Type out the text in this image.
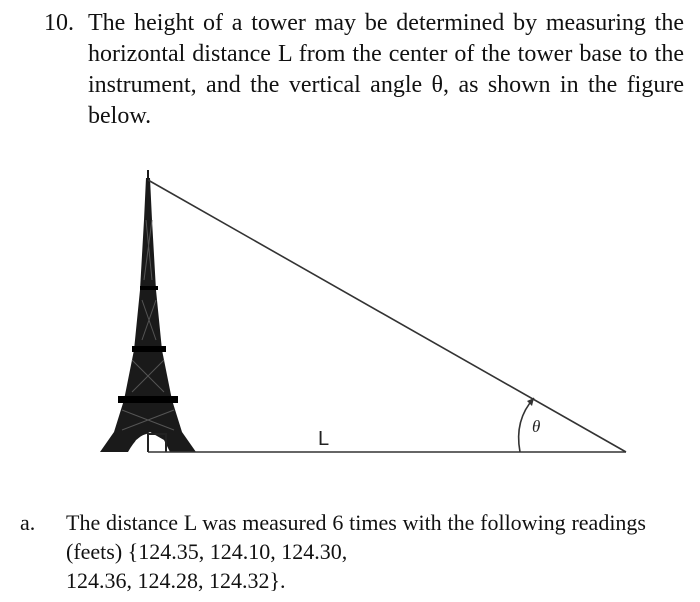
10. The height of a tower may be determined by measuring the horizontal distance L from the center of the tower base to the instrument, and the vertical angle θ, as shown in the figure below.
L
θ
a. The distance L was measured 6 times with the following readings (feets) {124.35, 124.10, 124.30,
124.36, 124.28, 124.32}.
